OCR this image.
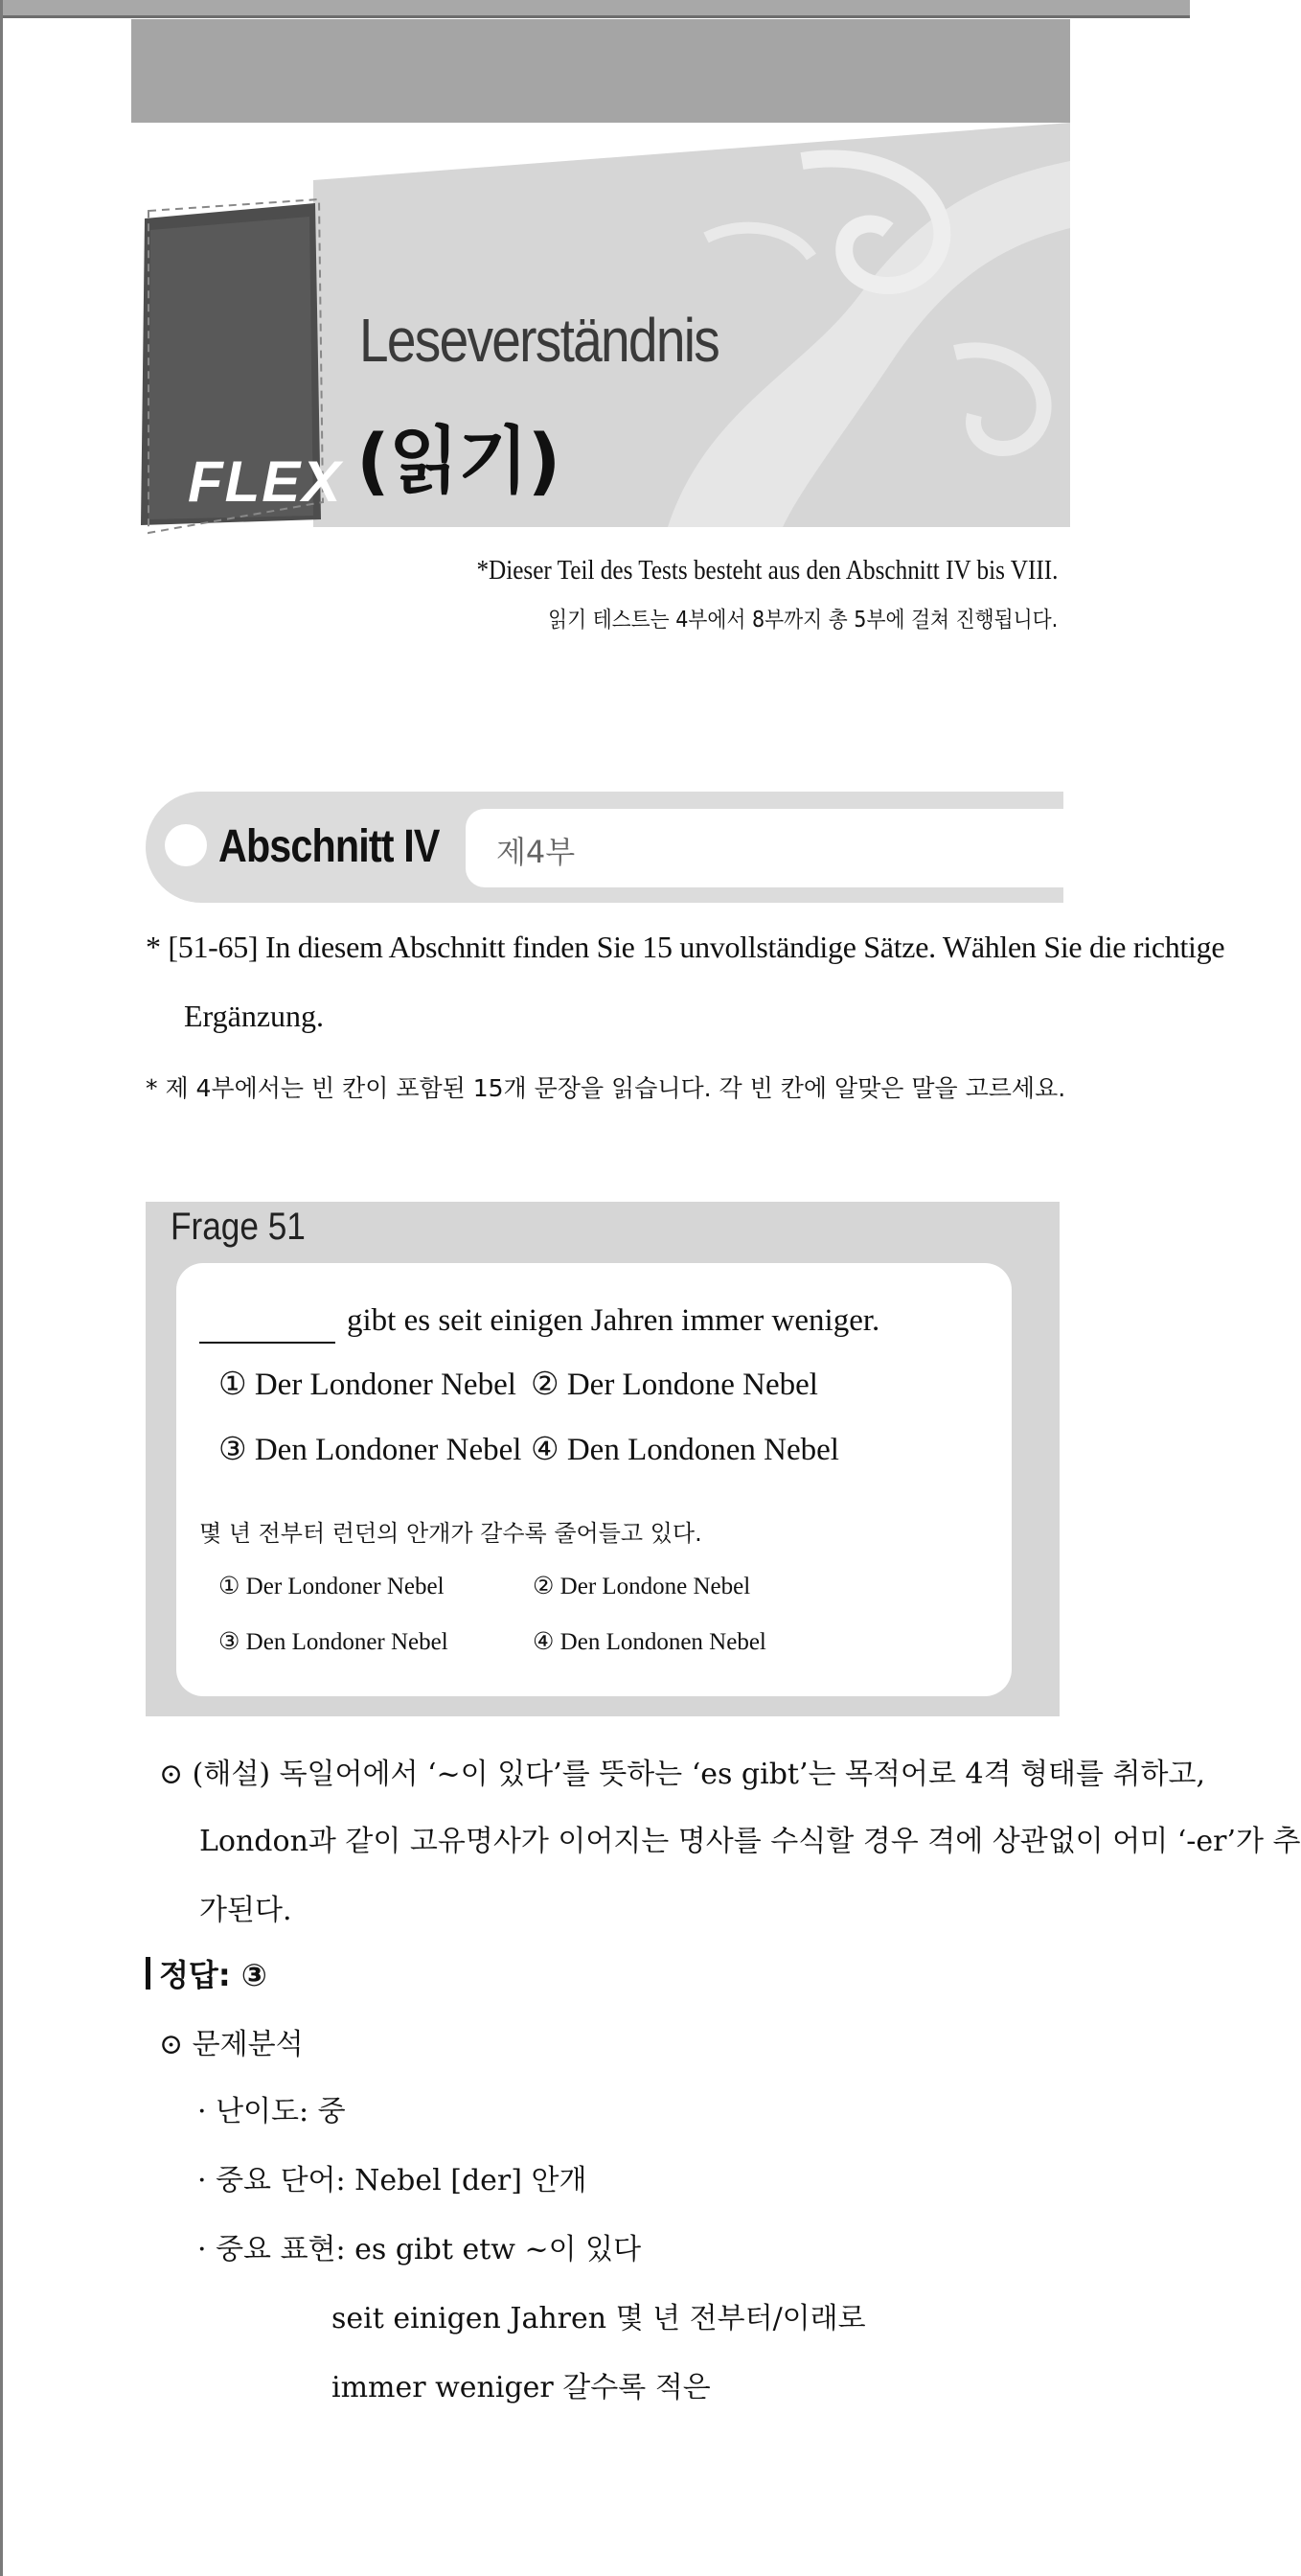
FLEX
Leseverständnis
(읽기)
*Dieser Teil des Tests besteht aus den Abschnitt IV bis VIII.
읽기 테스트는 4부에서 8부까지 총 5부에 걸쳐 진행됩니다.
Abschnitt IV 제4부
* [51-65] In diesem Abschnitt finden Sie 15 unvollständige Sätze. Wählen Sie die richtige
Ergänzung.
* 제 4부에서는 빈 칸이 포함된 15개 문장을 읽습니다. 각 빈 칸에 알맞은 말을 고르세요.
Frage 51
gibt es seit einigen Jahren immer weniger.
① Der Londoner Nebel ② Der Londone Nebel
③ Den Londoner Nebel ④ Den Londonen Nebel
몇 년 전부터 런던의 안개가 갈수록 줄어들고 있다.
① Der Londoner Nebel	② Der Londone Nebel
③ Den Londoner Nebel	④ Den Londonen Nebel
⊙ (해설) 독일어에서 ‘~이 있다’를 뜻하는 ‘es gibt’는 목적어로 4격 형태를 취하고,
London과 같이 고유명사가 이어지는 명사를 수식할 경우 격에 상관없이 어미 ‘-er’가 추
가된다.
정답: ③
⊙ 문제분석
· 난이도: 중
· 중요 단어: Nebel [der] 안개
· 중요 표현: es gibt etw ~이 있다
seit einigen Jahren 몇 년 전부터/이래로
immer weniger 갈수록 적은
